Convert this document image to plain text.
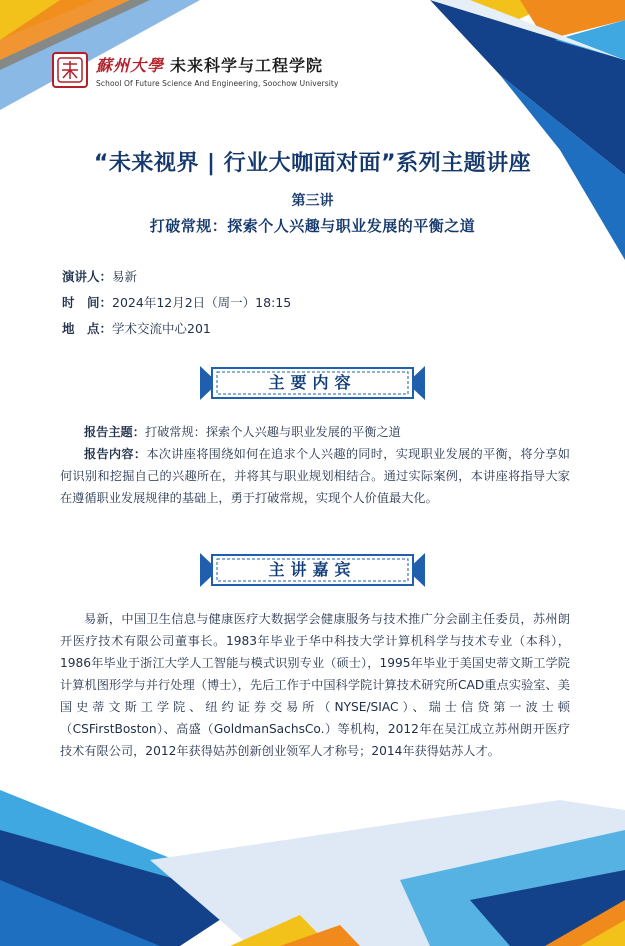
蘇州大學 未来科学与工程学院
School Of Future Science And Engineering, Soochow University
“未来视界 | 行业大咖面对面”系列主题讲座
第三讲
打破常规：探索个人兴趣与职业发展的平衡之道
演讲人：易新
时　间：2024年12月2日（周一）18:15
地　点：学术交流中心201
主要内容
报告主题：打破常规：探索个人兴趣与职业发展的平衡之道
报告内容：本次讲座将围绕如何在追求个人兴趣的同时，实现职业发展的平衡，将分享如何识别和挖掘自己的兴趣所在，并将其与职业规划相结合。通过实际案例，本讲座将指导大家在遵循职业发展规律的基础上，勇于打破常规，实现个人价值最大化。
主讲嘉宾
易新，中国卫生信息与健康医疗大数据学会健康服务与技术推广分会副主任委员，苏州朗开医疗技术有限公司董事长。1983年毕业于华中科技大学计算机科学与技术专业（本科），1986年毕业于浙江大学人工智能与模式识别专业（硕士），1995年毕业于美国史蒂文斯工学院计算机图形学与并行处理（博士），先后工作于中国科学院计算技术研究所CAD重点实验室、美国史蒂文斯工学院、纽约证券交易所（NYSE/SIAC）、瑞士信贷第一波士顿（CSFirstBoston）、高盛（GoldmanSachsCo.）等机构，2012年在吴江成立苏州朗开医疗技术有限公司，2012年获得姑苏创新创业领军人才称号；2014年获得姑苏人才。
